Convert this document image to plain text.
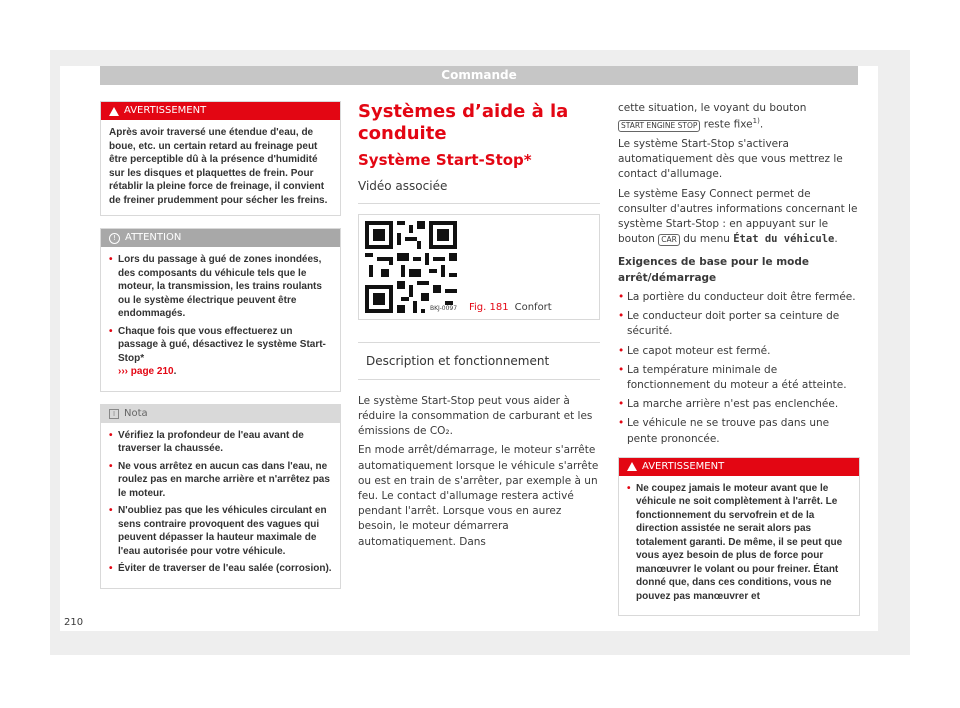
Commande
AVERTISSEMENT
Après avoir traversé une étendue d'eau, de boue, etc. un certain retard au freinage peut être perceptible dû à la présence d'humidité sur les disques et plaquettes de frein. Pour rétablir la pleine force de freinage, il convient de freiner prudemment pour sécher les freins.
! ATTENTION
• Lors du passage à gué de zones inondées, des composants du véhicule tels que le moteur, la transmission, les trains roulants ou le système électrique peuvent être endommagés.
• Chaque fois que vous effectuerez un passage à gué, désactivez le système Start-Stop*
››› page 210.
I Nota
• Vérifiez la profondeur de l'eau avant de traverser la chaussée.
• Ne vous arrêtez en aucun cas dans l'eau, ne roulez pas en marche arrière et n'arrêtez pas le moteur.
• N'oubliez pas que les véhicules circulant en sens contraire provoquent des vagues qui peuvent dépasser la hauteur maximale de l'eau autorisée pour votre véhicule.
• Éviter de traverser de l'eau salée (corrosion).
Systèmes d’aide à la conduite
Système Start-Stop*
Vidéo associée
BKJ-0097 Fig. 181 Confort
Description et fonctionnement

Le système Start-Stop peut vous aider à réduire la consommation de carburant et les émissions de CO₂.

En mode arrêt/démarrage, le moteur s'arrête automatiquement lorsque le véhicule s'arrête ou est en train de s'arrêter, par exemple à un feu. Le contact d'allumage restera activé pendant l'arrêt. Lorsque vous en aurez besoin, le moteur démarrera automatiquement. Dans

cette situation, le voyant du bouton
START ENGINE STOP reste fixe$^{1)}$.

Le système Start-Stop s'activera automatiquement dès que vous mettrez le contact d'allumage.

Le système Easy Connect permet de consulter d'autres informations concernant le système Start-Stop : en appuyant sur le bouton CAR du menu État du véhicule.

Exigences de base pour le mode arrêt/démarrage
• La portière du conducteur doit être fermée.
• Le conducteur doit porter sa ceinture de sécurité.
• Le capot moteur est fermé.
• La température minimale de fonctionnement du moteur a été atteinte.
• La marche arrière n'est pas enclenchée.
• Le véhicule ne se trouve pas dans une pente prononcée.
AVERTISSEMENT
• Ne coupez jamais le moteur avant que le véhicule ne soit complètement à l'arrêt. Le fonctionnement du servofrein et de la direction assistée ne serait alors pas totalement garanti. De même, il se peut que vous ayez besoin de plus de force pour manœuvrer le volant ou pour freiner. Étant donné que, dans ces conditions, vous ne pouvez pas manœuvrer et
210
